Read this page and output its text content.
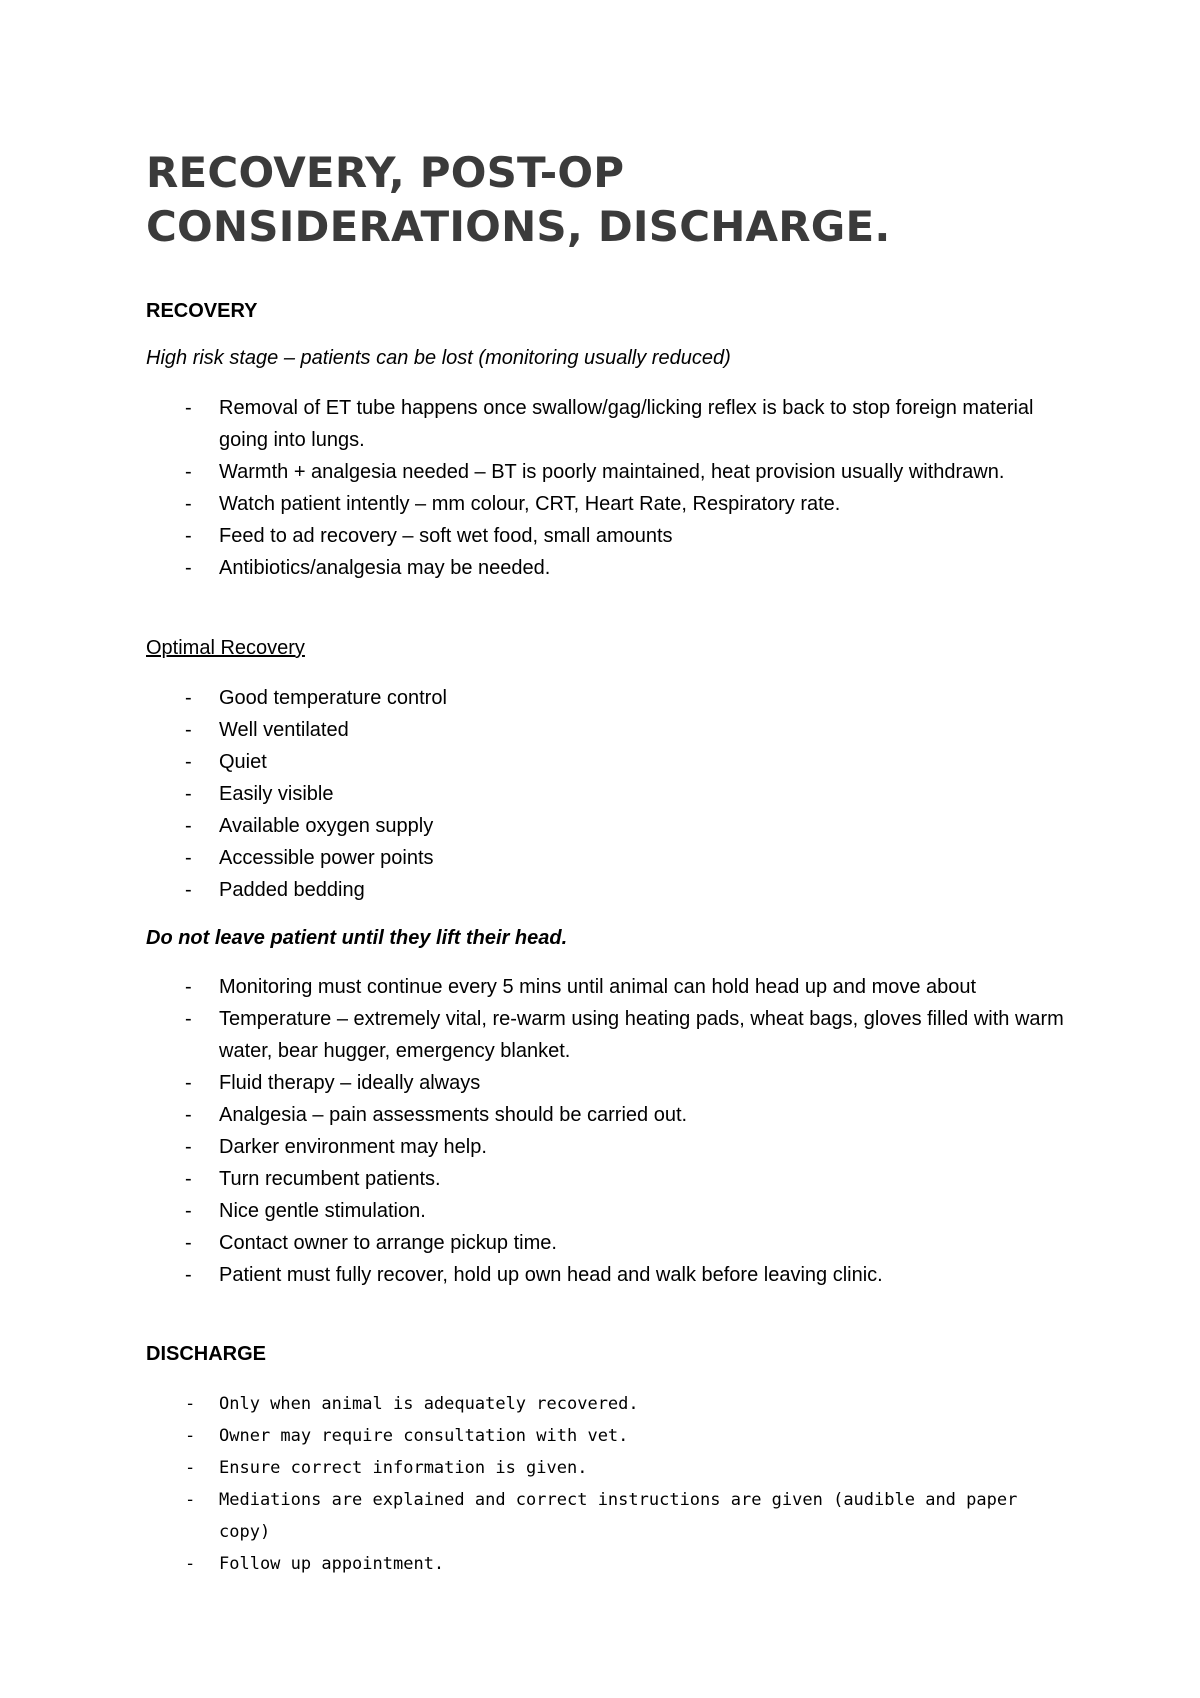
RECOVERY, POST-OP
CONSIDERATIONS, DISCHARGE.

RECOVERY

High risk stage – patients can be lost (monitoring usually reduced)

- Removal of ET tube happens once swallow/gag/licking reflex is back to stop foreign material going into lungs.
- Warmth + analgesia needed – BT is poorly maintained, heat provision usually withdrawn.
- Watch patient intently – mm colour, CRT, Heart Rate, Respiratory rate.
- Feed to ad recovery – soft wet food, small amounts
- Antibiotics/analgesia may be needed.

Optimal Recovery

- Good temperature control
- Well ventilated
- Quiet
- Easily visible
- Available oxygen supply
- Accessible power points
- Padded bedding

Do not leave patient until they lift their head.

- Monitoring must continue every 5 mins until animal can hold head up and move about
- Temperature – extremely vital, re-warm using heating pads, wheat bags, gloves filled with warm water, bear hugger, emergency blanket.
- Fluid therapy – ideally always
- Analgesia – pain assessments should be carried out.
- Darker environment may help.
- Turn recumbent patients.
- Nice gentle stimulation.
- Contact owner to arrange pickup time.
- Patient must fully recover, hold up own head and walk before leaving clinic.

DISCHARGE

- Only when animal is adequately recovered.
- Owner may require consultation with vet.
- Ensure correct information is given.
- Mediations are explained and correct instructions are given (audible and paper copy)
- Follow up appointment.
